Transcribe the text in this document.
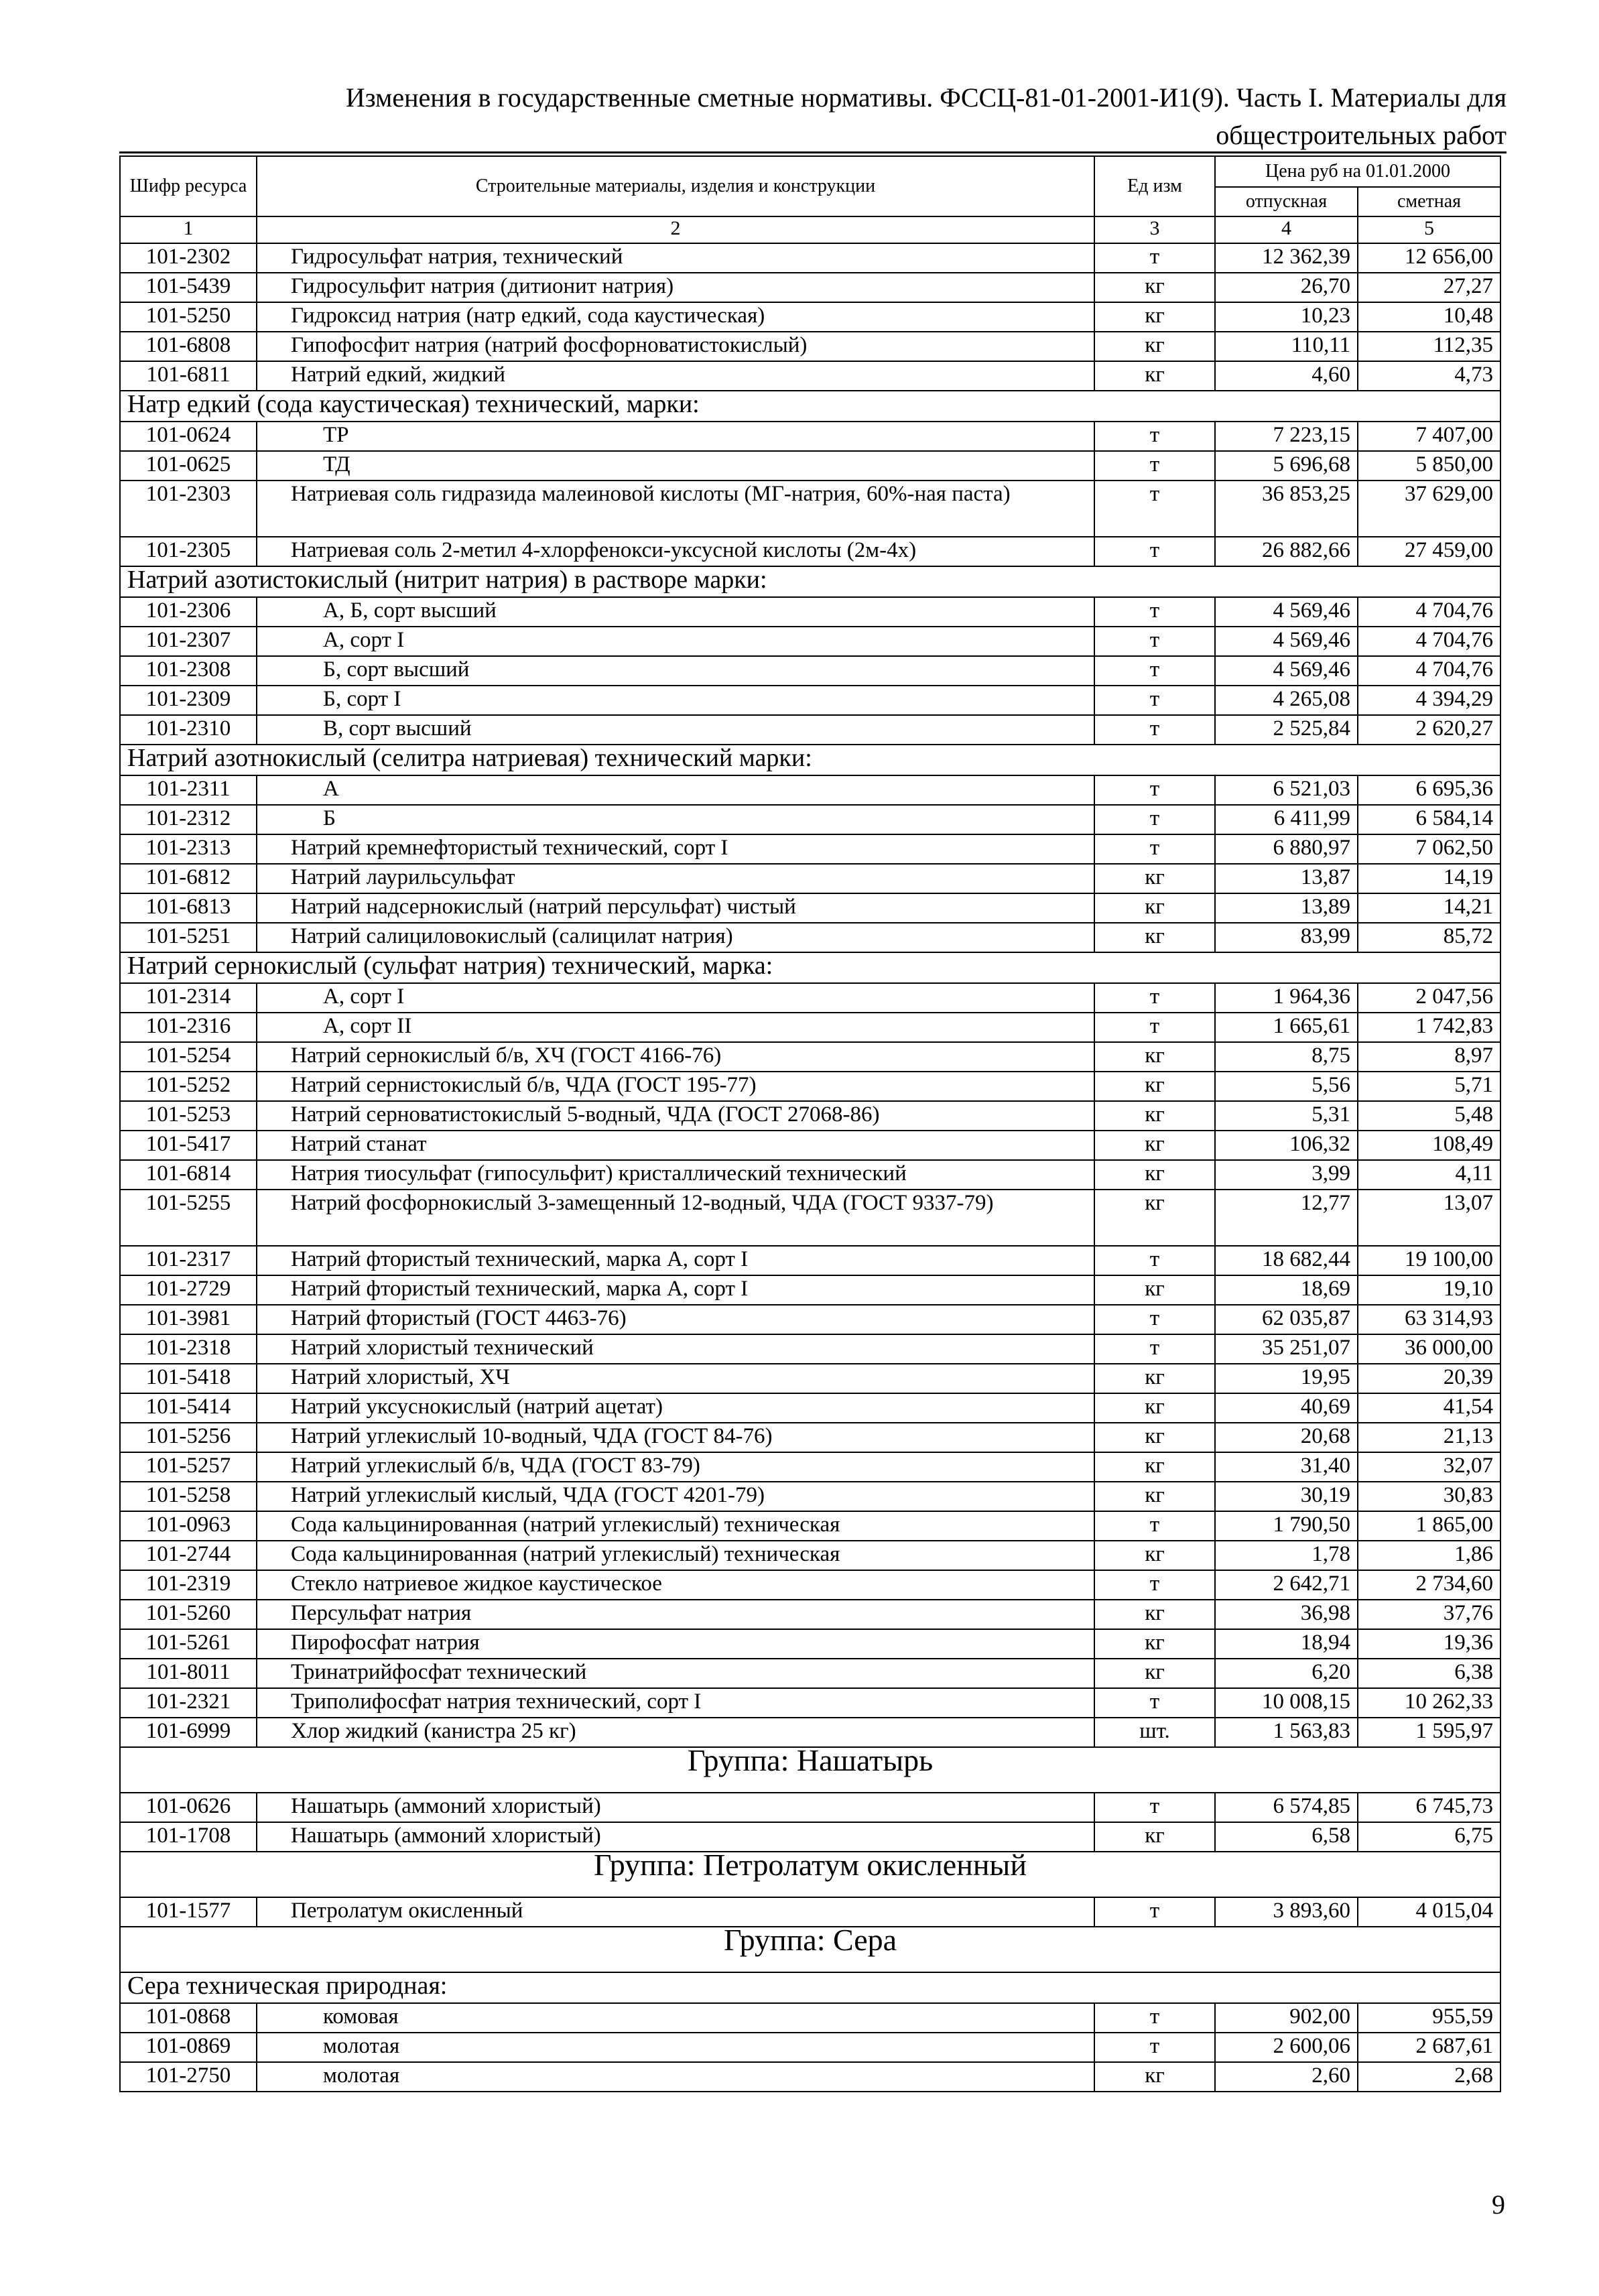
Изменения в государственные сметные нормативы. ФССЦ-81-01-2001-И1(9). Часть I. Материалы для общестроительных работ
Шифр ресурса	Строительные материалы, изделия и конструкции	Ед изм	Цена руб на 01.01.2000	
			отпускная	сметная
1	2	3	4	5
101-2302	Гидросульфат натрия, технический	т	12 362,39	12 656,00
101-5439	Гидросульфит натрия (дитионит натрия)	кг	26,70	27,27
101-5250	Гидроксид натрия (натр едкий, сода каустическая)	кг	10,23	10,48
101-6808	Гипофосфит натрия (натрий фосфорноватистокислый)	кг	110,11	112,35
101-6811	Натрий едкий, жидкий	кг	4,60	4,73
Натр едкий (сода каустическая) технический, марки:				
101-0624	ТР	т	7 223,15	7 407,00
101-0625	ТД	т	5 696,68	5 850,00
101-2303	Натриевая соль гидразида малеиновой кислоты (МГ-натрия, 60%-ная паста)	т	36 853,25	37 629,00
101-2305	Натриевая соль 2-метил 4-хлорфенокси-уксусной кислоты (2м-4х)	т	26 882,66	27 459,00
Натрий азотистокислый (нитрит натрия) в растворе марки:				
101-2306	А, Б, сорт высший	т	4 569,46	4 704,76
101-2307	А, сорт I	т	4 569,46	4 704,76
101-2308	Б, сорт высший	т	4 569,46	4 704,76
101-2309	Б, сорт I	т	4 265,08	4 394,29
101-2310	В, сорт высший	т	2 525,84	2 620,27
Натрий азотнокислый (селитра натриевая) технический марки:				
101-2311	А	т	6 521,03	6 695,36
101-2312	Б	т	6 411,99	6 584,14
101-2313	Натрий кремнефтористый технический, сорт I	т	6 880,97	7 062,50
101-6812	Натрий лаурильсульфат	кг	13,87	14,19
101-6813	Натрий надсернокислый (натрий персульфат) чистый	кг	13,89	14,21
101-5251	Натрий салициловокислый (салицилат натрия)	кг	83,99	85,72
Натрий сернокислый (сульфат натрия) технический, марка:				
101-2314	А, сорт I	т	1 964,36	2 047,56
101-2316	А, сорт II	т	1 665,61	1 742,83
101-5254	Натрий сернокислый б/в, ХЧ (ГОСТ 4166-76)	кг	8,75	8,97
101-5252	Натрий сернистокислый б/в, ЧДА (ГОСТ 195-77)	кг	5,56	5,71
101-5253	Натрий серноватистокислый 5-водный, ЧДА (ГОСТ 27068-86)	кг	5,31	5,48
101-5417	Натрий станат	кг	106,32	108,49
101-6814	Натрия тиосульфат (гипосульфит) кристаллический технический	кг	3,99	4,11
101-5255	Натрий фосфорнокислый 3-замещенный 12-водный, ЧДА (ГОСТ 9337-79)	кг	12,77	13,07
101-2317	Натрий фтористый технический, марка А, сорт I	т	18 682,44	19 100,00
101-2729	Натрий фтористый технический, марка А, сорт I	кг	18,69	19,10
101-3981	Натрий фтористый (ГОСТ 4463-76)	т	62 035,87	63 314,93
101-2318	Натрий хлористый технический	т	35 251,07	36 000,00
101-5418	Натрий хлористый, ХЧ	кг	19,95	20,39
101-5414	Натрий уксуснокислый (натрий ацетат)	кг	40,69	41,54
101-5256	Натрий углекислый 10-водный, ЧДА (ГОСТ 84-76)	кг	20,68	21,13
101-5257	Натрий углекислый б/в, ЧДА (ГОСТ 83-79)	кг	31,40	32,07
101-5258	Натрий углекислый кислый, ЧДА (ГОСТ 4201-79)	кг	30,19	30,83
101-0963	Сода кальцинированная (натрий углекислый) техническая	т	1 790,50	1 865,00
101-2744	Сода кальцинированная (натрий углекислый) техническая	кг	1,78	1,86
101-2319	Стекло натриевое жидкое каустическое	т	2 642,71	2 734,60
101-5260	Персульфат натрия	кг	36,98	37,76
101-5261	Пирофосфат натрия	кг	18,94	19,36
101-8011	Тринатрийфосфат технический	кг	6,20	6,38
101-2321	Триполифосфат натрия технический, сорт I	т	10 008,15	10 262,33
101-6999	Хлор жидкий (канистра 25 кг)	шт.	1 563,83	1 595,97
Группа: Нашатырь				
101-0626	Нашатырь (аммоний хлористый)	т	6 574,85	6 745,73
101-1708	Нашатырь (аммоний хлористый)	кг	6,58	6,75
Группа: Петролатум окисленный				
101-1577	Петролатум окисленный	т	3 893,60	4 015,04
Группа: Сера				
Сера техническая природная:				
101-0868	комовая	т	902,00	955,59
101-0869	молотая	т	2 600,06	2 687,61
101-2750	молотая	кг	2,60	2,68
9
